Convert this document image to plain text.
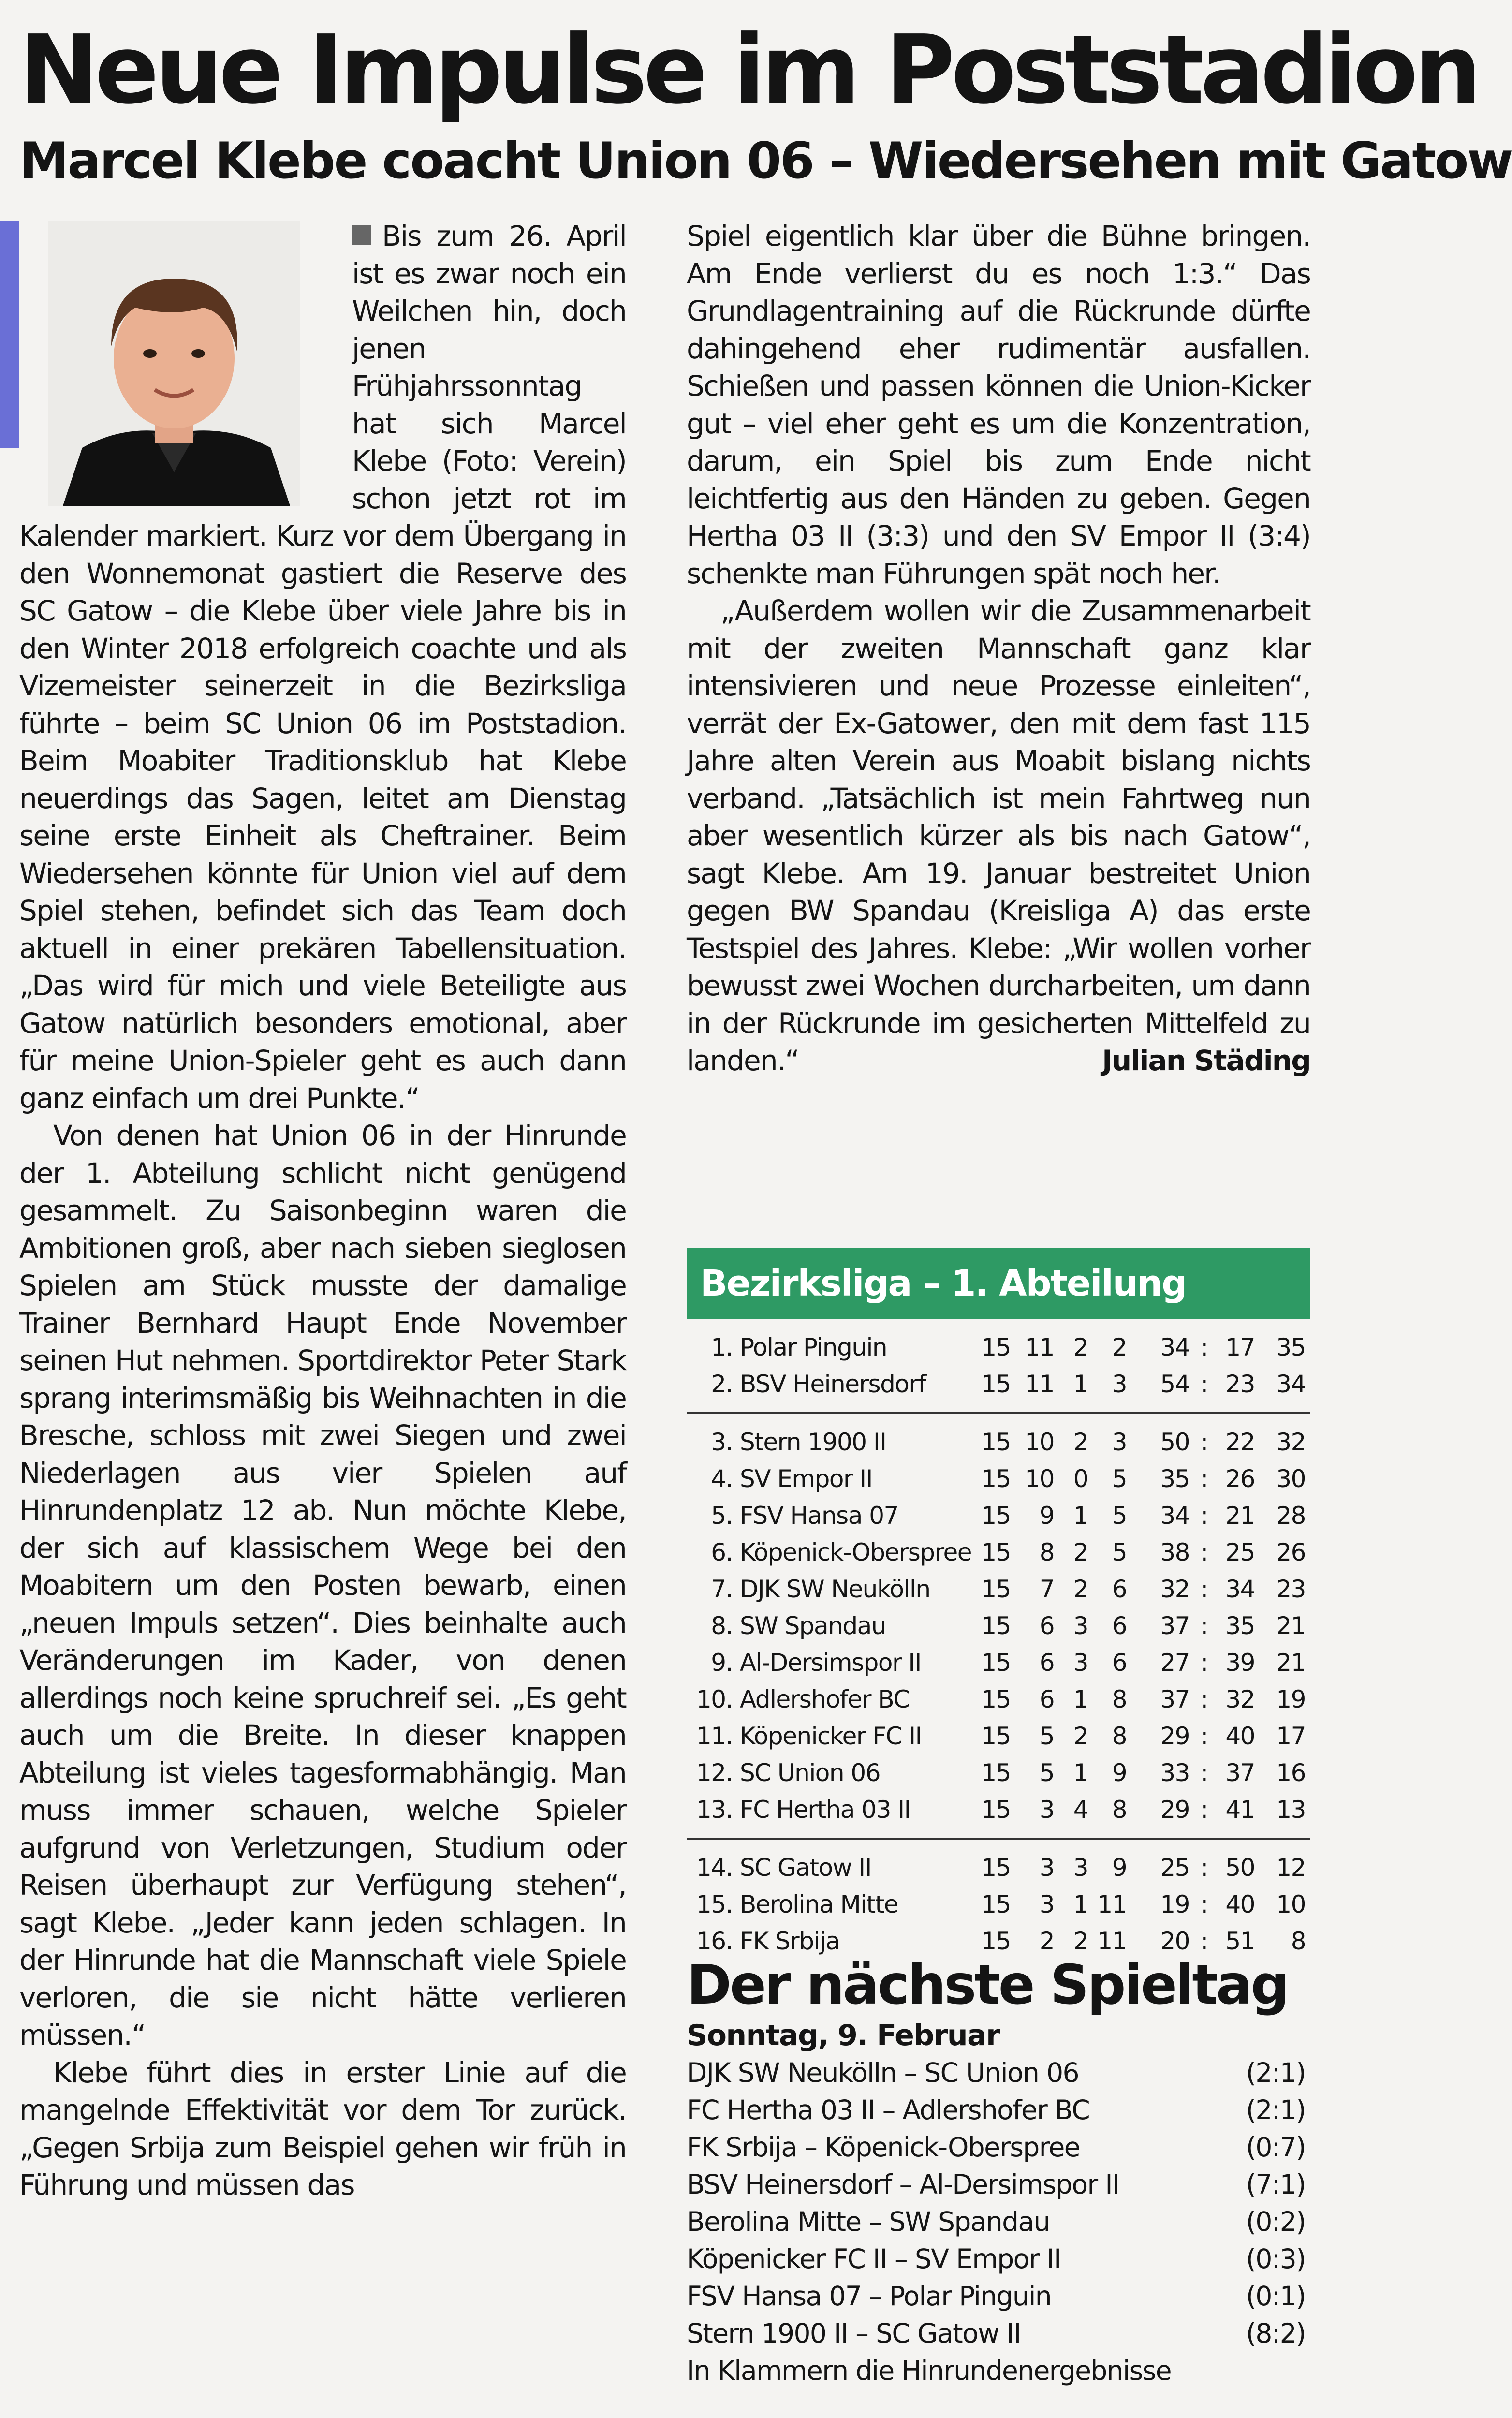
Neue Impulse im Poststadion
Marcel Klebe coacht Union 06 – Wiedersehen mit Gatow

Bis zum 26. April ist es zwar noch ein Weilchen hin, doch jenen Frühjahrssonntag hat sich Marcel Klebe (Foto: Verein) schon jetzt rot im Kalender markiert. Kurz vor dem Übergang in den Wonnemonat gastiert die Reserve des SC Gatow – die Klebe über viele Jahre bis in den Winter 2018 erfolgreich coachte und als Vizemeister seinerzeit in die Bezirksliga führte – beim SC Union 06 im Poststadion. Beim Moabiter Traditionsklub hat Klebe neuerdings das Sagen, leitet am Dienstag seine erste Einheit als Cheftrainer. Beim Wiedersehen könnte für Union viel auf dem Spiel stehen, befindet sich das Team doch aktuell in einer prekären Tabellensituation. „Das wird für mich und viele Beteiligte aus Gatow natürlich besonders emotional, aber für meine Union-Spieler geht es auch dann ganz einfach um drei Punkte.“

Von denen hat Union 06 in der Hinrunde der 1. Abteilung schlicht nicht genügend gesammelt. Zu Saisonbeginn waren die Ambitionen groß, aber nach sieben sieglosen Spielen am Stück musste der damalige Trainer Bernhard Haupt Ende November seinen Hut nehmen. Sportdirektor Peter Stark sprang interimsmäßig bis Weihnachten in die Bresche, schloss mit zwei Siegen und zwei Niederlagen aus vier Spielen auf Hinrundenplatz 12 ab. Nun möchte Klebe, der sich auf klassischem Wege bei den Moabitern um den Posten bewarb, einen „neuen Impuls setzen“. Dies beinhalte auch Veränderungen im Kader, von denen allerdings noch keine spruchreif sei. „Es geht auch um die Breite. In dieser knappen Abteilung ist vieles tagesformabhängig. Man muss immer schauen, welche Spieler aufgrund von Verletzungen, Studium oder Reisen überhaupt zur Verfügung stehen“, sagt Klebe. „Jeder kann jeden schlagen. In der Hinrunde hat die Mannschaft viele Spiele verloren, die sie nicht hätte verlieren müssen.“

Klebe führt dies in erster Linie auf die mangelnde Effektivität vor dem Tor zurück. „Gegen Srbija zum Beispiel gehen wir früh in Führung und müssen das

Spiel eigentlich klar über die Bühne bringen. Am Ende verlierst du es noch 1:3.“ Das Grundlagentraining auf die Rückrunde dürfte dahingehend eher rudimentär ausfallen. Schießen und passen können die Union-Kicker gut – viel eher geht es um die Konzentration, darum, ein Spiel bis zum Ende nicht leichtfertig aus den Händen zu geben. Gegen Hertha 03 II (3:3) und den SV Empor II (3:4) schenkte man Führungen spät noch her.

„Außerdem wollen wir die Zusammenarbeit mit der zweiten Mannschaft ganz klar intensivieren und neue Prozesse einleiten“, verrät der Ex-Gatower, den mit dem fast 115 Jahre alten Verein aus Moabit bislang nichts verband. „Tatsächlich ist mein Fahrtweg nun aber wesentlich kürzer als bis nach Gatow“, sagt Klebe. Am 19. Januar bestreitet Union gegen BW Spandau (Kreisliga A) das erste Testspiel des Jahres. Klebe: „Wir wollen vorher bewusst zwei Wochen durcharbeiten, um dann in der Rückrunde im gesicherten Mittelfeld zu landen.“	Julian Städing

Bezirksliga – 1. Abteilung
1. Polar Pinguin	15 11 2 2	34 : 17 35
2. BSV Heinersdorf 15 11 1 3	54 : 23 34
3. Stern 1900 II	15 10 2 3	50 : 22 32
4. SV Empor II	15 10 0 5	35 : 26 30
5. FSV Hansa 07	15	9 1 5	34 : 21 28
6. Köpenick-Oberspree 15	8 2 5	38 : 25 26
7. DJK SW Neukölln 15	7 2 6	32 : 34 23
8. SW Spandau	15	6 3 6	37 : 35 21
9. Al-Dersimspor II 15	6 3 6	27 : 39 21
10. Adlershofer BC	15	6 1 8	37 : 32 19
11. Köpenicker FC II 15	5 2 8	29 : 40 17
12. SC Union 06	15	5 1 9	33 : 37 16
13. FC Hertha 03 II	15	3 4 8	29 : 41 13
14. SC Gatow II	15	3 3 9	25 : 50 12
15. Berolina Mitte	15	3 1 11	19 : 40 10
16. FK Srbija	15	2 2 11	20 : 51	8

Der nächste Spieltag

Sonntag, 9. Februar

DJK SW Neukölln – SC Union 06	(2:1)
FC Hertha 03 II – Adlershofer BC	(2:1)
FK Srbija – Köpenick-Oberspree	(0:7)
BSV Heinersdorf – Al-Dersimspor II	(7:1)
Berolina Mitte – SW Spandau	(0:2)
Köpenicker FC II – SV Empor II	(0:3)
FSV Hansa 07 – Polar Pinguin	(0:1)
Stern 1900 II – SC Gatow II	(8:2)

In Klammern die Hinrundenergebnisse
